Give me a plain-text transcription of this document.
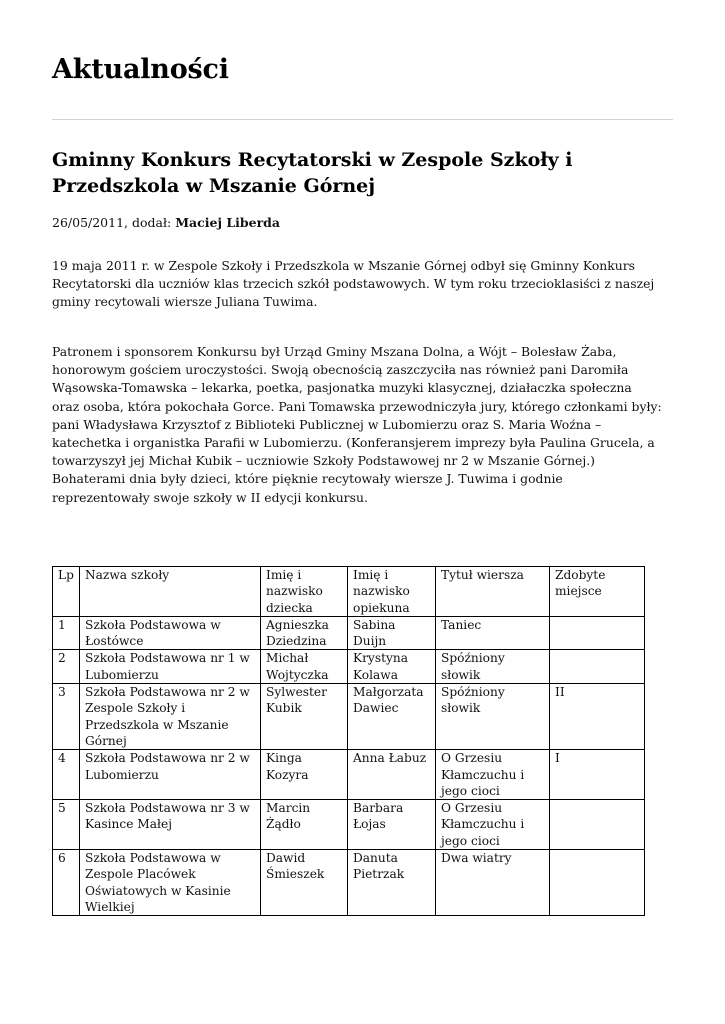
Aktualności
Gminny Konkurs Recytatorski w Zespole Szkoły i Przedszkola w Mszanie Górnej
26/05/2011, dodał: Maciej Liberda

19 maja 2011 r. w Zespole Szkoły i Przedszkola w Mszanie Górnej odbył się Gminny Konkurs Recytatorski dla uczniów klas trzecich szkół podstawowych. W tym roku trzecioklasiści z naszej gminy recytowali wiersze Juliana Tuwima.

Patronem i sponsorem Konkursu był Urząd Gminy Mszana Dolna, a Wójt – Bolesław Żaba, honorowym gościem uroczystości. Swoją obecnością zaszczyciła nas również pani Daromiła Wąsowska-Tomawska – lekarka, poetka, pasjonatka muzyki klasycznej, działaczka społeczna oraz osoba, która pokochała Gorce. Pani Tomawska przewodniczyła jury, którego członkami były: pani Władysława Krzysztof z Biblioteki Publicznej w Lubomierzu oraz S. Maria Woźna – katechetka i organistka Parafii w Lubomierzu. (Konferansjerem imprezy była Paulina Grucela, a towarzyszył jej Michał Kubik – uczniowie Szkoły Podstawowej nr 2 w Mszanie Górnej.)
Bohaterami dnia były dzieci, które pięknie recytowały wiersze J. Tuwima i godnie reprezentowały swoje szkoły w II edycji konkursu.

Lp	Nazwa szkoły	Imię i nazwisko dziecka	Imię i nazwisko opiekuna	Tytuł wiersza	Zdobyte miejsce
1	Szkoła Podstawowa w Łostówce	Agnieszka Dziedzina	Sabina Duijn	Taniec	
2	Szkoła Podstawowa nr 1 w Lubomierzu	Michał Wojtyczka	Krystyna Kolawa	Spóźniony słowik	
3	Szkoła Podstawowa nr 2 w Zespole Szkoły i Przedszkola w Mszanie Górnej	Sylwester Kubik	Małgorzata Dawiec	Spóźniony słowik	II
4	Szkoła Podstawowa nr 2 w Lubomierzu	Kinga Kozyra	Anna Łabuz	O Grzesiu Kłamczuchu i jego cioci	I
5	Szkoła Podstawowa nr 3 w Kasince Małej	Marcin Żądło	Barbara Łojas	O Grzesiu Kłamczuchu i jego cioci	
6	Szkoła Podstawowa w Zespole Placówek Oświatowych w Kasinie Wielkiej	Dawid Śmieszek	Danuta Pietrzak	Dwa wiatry	
